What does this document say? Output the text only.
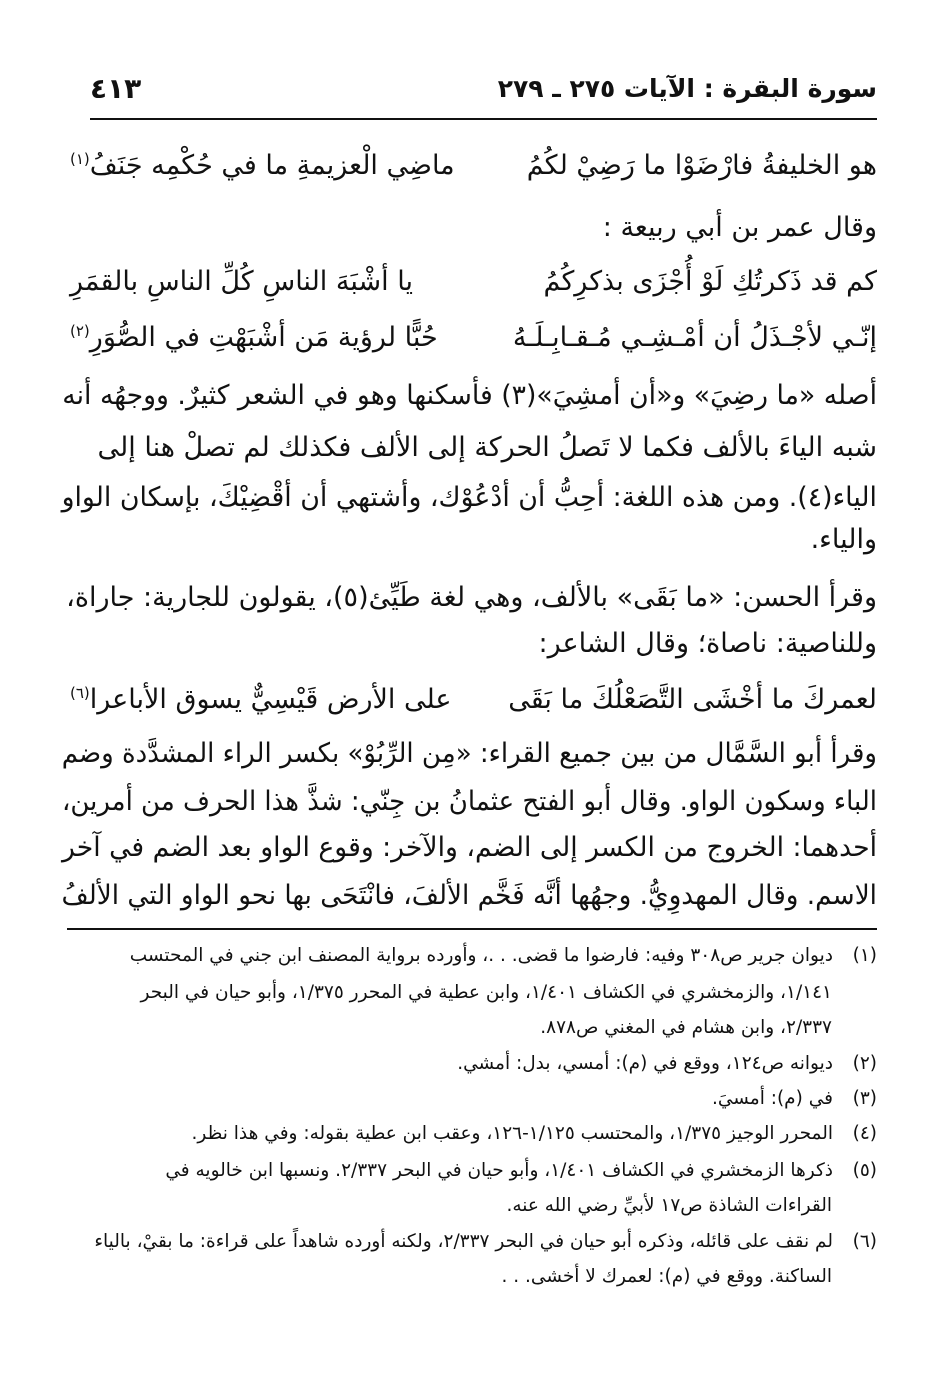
سورة البقرة : الآيات ٢٧٥ ـ ٢٧٩
٤١٣
هو الخليفةُ فارْضَوْا ما رَضِيْ لكُمُ
ماضِي الْعزيمةِ ما في حُكْمِه جَنَفُ$^{(١)}$
وقال عمر بن أبي ربيعة :
كم قد ذَكرتُكِ لَوْ أُجْزَى بذكرِكُمُ
يا أشْبَهَ الناسِ كُلِّ الناسِ بالقمَرِ
إنّـي لأجْـذَلُ أن أمْـشِـي مُـقـابِـلَـهُ
حُبًّا لرؤية مَن أشْبَهْتِ في الصُّوَرِ$^{(٢)}$
أصله «ما رضِيَ» و«أن أمشِيَ»(٣) فأسكنها وهو في الشعر كثيرٌ. ووجهُه أنه
شبه الياءَ بالألف فكما لا تَصلُ الحركة إلى الألف فكذلك لم تصلْ هنا إلى
الياء(٤). ومن هذه اللغة: أحِبُّ أن أدْعُوْك، وأشتهي أن أقْضِيْكَ، بإسكان الواو
والياء.
وقرأ الحسن: «ما بَقَى» بالألف، وهي لغة طَيِّئ(٥)، يقولون للجارية: جاراة،
وللناصية: ناصاة؛ وقال الشاعر:
لعمركَ ما أخْشَى التَّصَعْلُكَ ما بَقَى
على الأرض قَيْسِيٌّ يسوق الأباعرا$^{(٦)}$
وقرأ أبو السَّمَّال من بين جميع القراء: «مِن الرِّبُوْ» بكسر الراء المشدَّدة وضم
الباء وسكون الواو. وقال أبو الفتح عثمانُ بن جِنّي: شذَّ هذا الحرف من أمرين،
أحدهما: الخروج من الكسر إلى الضم، والآخر: وقوع الواو بعد الضم في آخر
الاسم. وقال المهدوِيُّ. وجهُها أنَّه فَخَّم الألفَ، فانْتَحَى بها نحو الواو التي الألفُ
(١)ديوان جرير ص٣٠٨ وفيه: فارضوا ما قضى. . .، وأورده برواية المصنف ابن جني في المحتسب
١/١٤١، والزمخشري في الكشاف ١/٤٠١، وابن عطية في المحرر ١/٣٧٥، وأبو حيان في البحر
٢/٣٣٧، وابن هشام في المغني ص٨٧٨.
(٢)ديوانه ص١٢٤، ووقع في (م): أمسي، بدل: أمشي.
(٣)في (م): أمسيَ.
(٤)المحرر الوجيز ١/٣٧٥، والمحتسب ١/١٢٥-١٢٦، وعقب ابن عطية بقوله: وفي هذا نظر.
(٥)ذكرها الزمخشري في الكشاف ١/٤٠١، وأبو حيان في البحر ٢/٣٣٧. ونسبها ابن خالويه في
القراءات الشاذة ص١٧ لأبيِّ رضي الله عنه.
(٦)لم نقف على قائله، وذكره أبو حيان في البحر ٢/٣٣٧، ولكنه أورده شاهداً على قراءة: ما بقيْ، بالياء
الساكنة. ووقع في (م): لعمرك لا أخشى. . .
